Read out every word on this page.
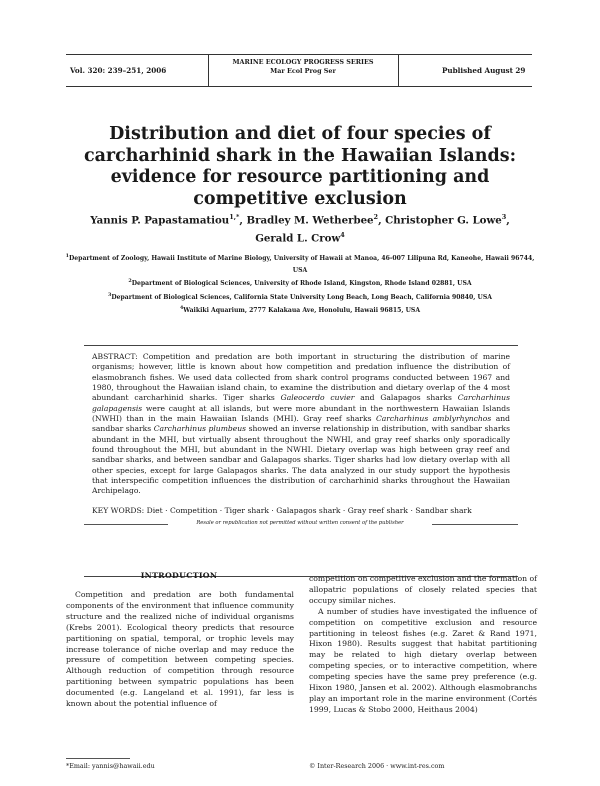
Vol. 320: 239–251, 2006
MARINE ECOLOGY PROGRESS SERIES
Mar Ecol Prog Ser	Published August 29
Distribution and diet of four species of carcharhinid shark in the Hawaiian Islands: evidence for resource partitioning and competitive exclusion
Yannis P. Papastamatiou$^{1,*}$, Bradley M. Wetherbee$^2$, Christopher G. Lowe$^3$,
Gerald L. Crow$^4$
$^1$Department of Zoology, Hawaii Institute of Marine Biology, University of Hawaii at Manoa, 46-007 Lilipuna Rd, Kaneohe, Hawaii 96744, USA
$^2$Department of Biological Sciences, University of Rhode Island, Kingston, Rhode Island 02881, USA
$^3$Department of Biological Sciences, California State University Long Beach, Long Beach, California 90840, USA
$^4$Waikiki Aquarium, 2777 Kalakaua Ave, Honolulu, Hawaii 96815, USA
ABSTRACT: Competition and predation are both important in structuring the distribution of marine organisms; however, little is known about how competition and predation influence the distribution of elasmobranch fishes. We used data collected from shark control programs conducted between 1967 and 1980, throughout the Hawaiian island chain, to examine the distribution and dietary overlap of the 4 most abundant carcharhinid sharks. Tiger sharks Galeocerdo cuvier and Galapagos sharks Carcharhinus galapagensis were caught at all islands, but were more abundant in the northwestern Hawaiian Islands (NWHI) than in the main Hawaiian Islands (MHI). Gray reef sharks Carcharhinus amblyrhynchos and sandbar sharks Carcharhinus plumbeus showed an inverse relationship in distribution, with sandbar sharks abundant in the MHI, but virtually absent throughout the NWHI, and gray reef sharks only sporadically found throughout the MHI, but abundant in the NWHI. Dietary overlap was high between gray reef and sandbar sharks, and between sandbar and Galapagos sharks. Tiger sharks had low dietary overlap with all other species, except for large Galapagos sharks. The data analyzed in our study support the hypothesis that interspecific competition influences the distribution of carcharhinid sharks throughout the Hawaiian Archipelago.
KEY WORDS: Diet · Competition · Tiger shark · Galapagos shark · Gray reef shark · Sandbar shark
Resale or republication not permitted without written consent of the publisher
INTRODUCTION

Competition and predation are both fundamental components of the environment that influence community structure and the realized niche of individual organisms (Krebs 2001). Ecological theory predicts that resource partitioning on spatial, temporal, or trophic levels may increase tolerance of niche overlap and may reduce the pressure of competition between competing species. Although reduction of competition through resource partitioning between sympatric populations has been documented (e.g. Langeland et al. 1991), far less is known about the potential influence of

competition on competitive exclusion and the formation of allopatric populations of closely related species that occupy similar niches.

A number of studies have investigated the influence of competition on competitive exclusion and resource partitioning in teleost fishes (e.g. Zaret & Rand 1971, Hixon 1980). Results suggest that habitat partitioning may be related to high dietary overlap between competing species, or to interactive competition, where competing species have the same prey preference (e.g. Hixon 1980, Jansen et al. 2002). Although elasmobranchs play an important role in the marine environment (Cortés 1999, Lucas & Stobo 2000, Heithaus 2004)

*Email: yannis@hawaii.edu	© Inter-Research 2006 · www.int-res.com
